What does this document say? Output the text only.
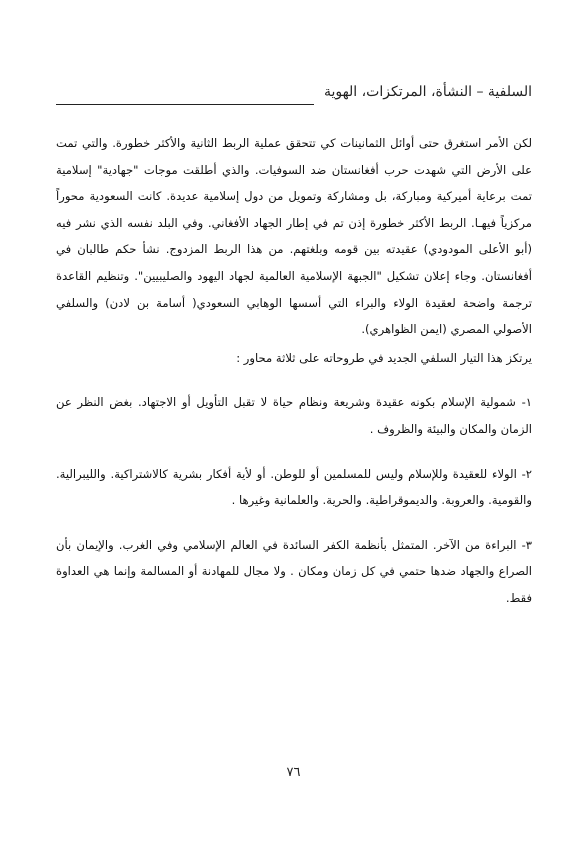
السلفية – النشأة، المرتكزات، الهوية

لكن الأمر استغرق حتى أوائل الثمانينات كي تتحقق عملية الربط الثانية والأكثر خطورة. والتي تمت على الأرض التي شهدت حرب أفغانستان ضد السوفيات. والذي أطلقت موجات "جهادية" إسلامية تمت برعاية أميركية ومباركة، بل ومشاركة وتمويل من دول إسلامية عديدة. كانت السعودية محوراً مركزياً فيهـا. الربط الأكثر خطورة إذن تم في إطار الجهاد الأفغاني. وفي البلد نفسه الذي نشر فيه (أبو الأعلى المودودي) عقيدته بين قومه وبلغتهم. من هذا الربط المزدوج. نشأ حكم طالبان في أفغانستان. وجاء إعلان تشكيل "الجبهة الإسلامية العالمية لجهاد اليهود والصليبيين". وتنظيم القاعدة ترجمة واضحة لعقيدة الولاء والبراء التي أسسها الوهابي السعودي( أسامة بن لادن) والسلفي الأصولي المصري (ايمن الظواهري).

يرتكز هذا التيار السلفي الجديد في طروحاته على ثلاثة محاور :

١- شمولية الإسلام بكونه عقيدة وشريعة ونظام حياة لا تقبل التأويل أو الاجتهاد. بغض النظر عن الزمان والمكان والبيئة والظروف .

٢- الولاء للعقيدة وللإسلام وليس للمسلمين أو للوطن. أو لأية أفكار بشرية كالاشتراكية. والليبرالية. والقومية. والعروبة. والديموقراطية. والحرية. والعلمانية وغيرها .

٣- البراءة من الآخر. المتمثل بأنظمة الكفر السائدة في العالم الإسلامي وفي الغرب. والإيمان بأن الصراع والجهاد ضدها حتمي في كل زمان ومكان . ولا مجال للمهادنة أو المسالمة وإنما هي العداوة فقط.

٧٦
